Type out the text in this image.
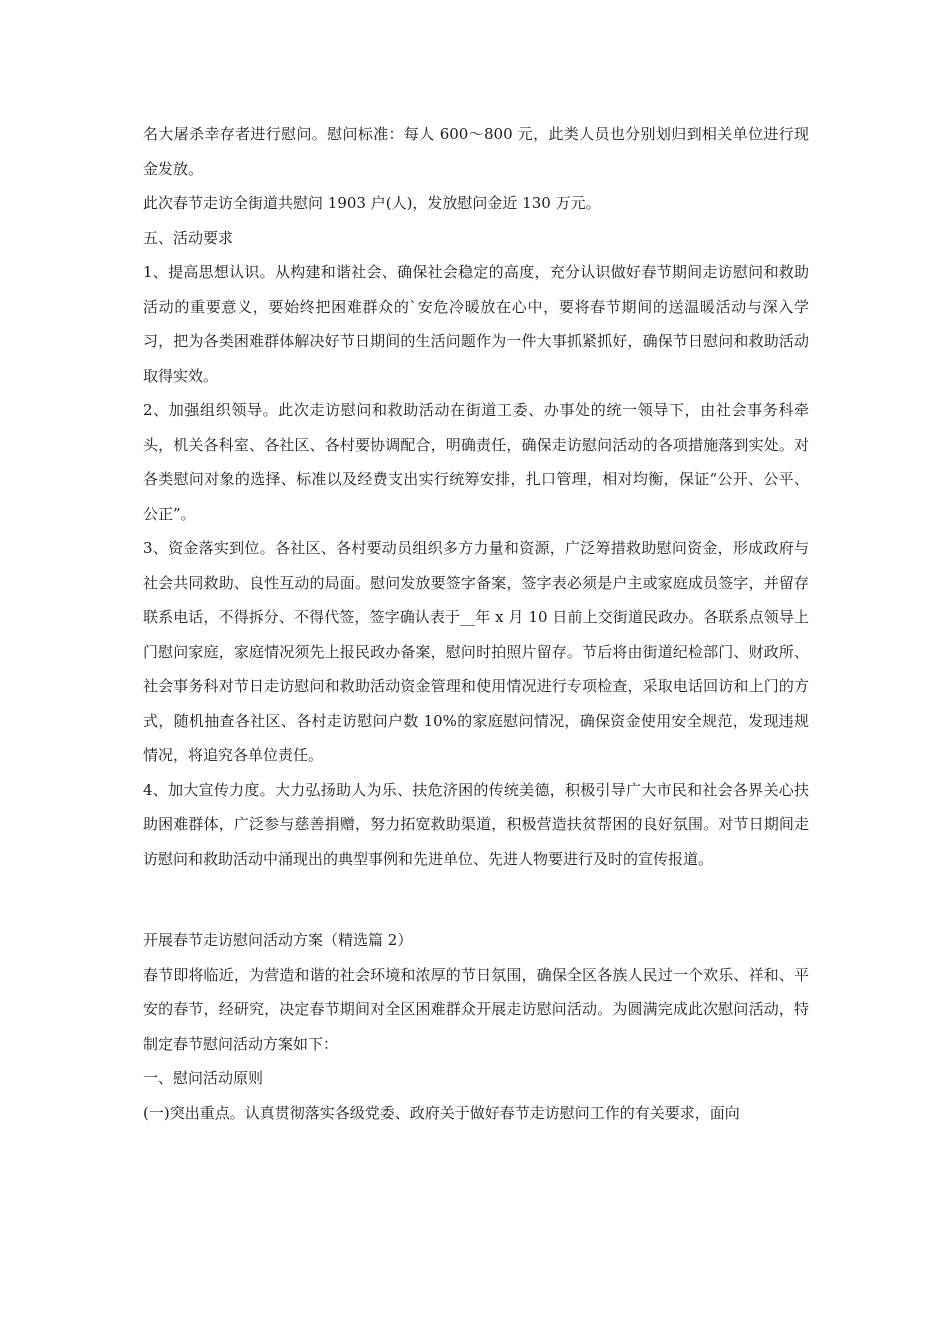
名大屠杀幸存者进行慰问。慰问标准：每人 600～800 元，此类人员也分别划归到相关单位进行现金发放。

此次春节走访全街道共慰问 1903 户(人)，发放慰问金近 130 万元。

五、活动要求

1、提高思想认识。从构建和谐社会、确保社会稳定的高度，充分认识做好春节期间走访慰问和救助活动的重要意义，要始终把困难群众的`安危冷暖放在心中，要将春节期间的送温暖活动与深入学习，把为各类困难群体解决好节日期间的生活问题作为一件大事抓紧抓好，确保节日慰问和救助活动取得实效。

2、加强组织领导。此次走访慰问和救助活动在街道工委、办事处的统一领导下，由社会事务科牵头，机关各科室、各社区、各村要协调配合，明确责任，确保走访慰问活动的各项措施落到实处。对各类慰问对象的选择、标准以及经费支出实行统筹安排，扎口管理，相对均衡，保证“公开、公平、公正”。

3、资金落实到位。各社区、各村要动员组织多方力量和资源，广泛筹措救助慰问资金，形成政府与社会共同救助、良性互动的局面。慰问发放要签字备案，签字表必须是户主或家庭成员签字，并留存联系电话，不得拆分、不得代签，签字确认表于__年 x 月 10 日前上交街道民政办。各联系点领导上门慰问家庭，家庭情况须先上报民政办备案，慰问时拍照片留存。节后将由街道纪检部门、财政所、社会事务科对节日走访慰问和救助活动资金管理和使用情况进行专项检查，采取电话回访和上门的方式，随机抽查各社区、各村走访慰问户数 10%的家庭慰问情况，确保资金使用安全规范，发现违规情况，将追究各单位责任。

4、加大宣传力度。大力弘扬助人为乐、扶危济困的传统美德，积极引导广大市民和社会各界关心扶助困难群体，广泛参与慈善捐赠，努力拓宽救助渠道，积极营造扶贫帮困的良好氛围。对节日期间走访慰问和救助活动中涌现出的典型事例和先进单位、先进人物要进行及时的宣传报道。

开展春节走访慰问活动方案（精选篇 2）

春节即将临近，为营造和谐的社会环境和浓厚的节日氛围，确保全区各族人民过一个欢乐、祥和、平安的春节，经研究，决定春节期间对全区困难群众开展走访慰问活动。为圆满完成此次慰问活动，特制定春节慰问活动方案如下：

一、慰问活动原则

(一)突出重点。认真贯彻落实各级党委、政府关于做好春节走访慰问工作的有关要求，面向
